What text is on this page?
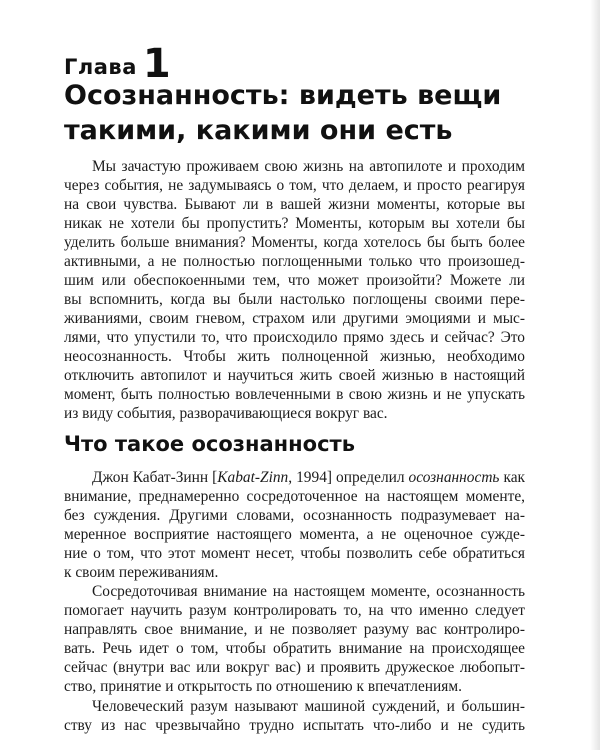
Глава 1
Осознанность: видеть вещи
такими, какими они есть
Мы зачастую проживаем свою жизнь на автопилоте и проходим
через события, не задумываясь о том, что делаем, и просто реагируя
на свои чувства. Бывают ли в вашей жизни моменты, которые вы
никак не хотели бы пропустить? Моменты, которым вы хотели бы
уделить больше внимания? Моменты, когда хотелось бы быть более
активными, а не полностью поглощенными только что произошед-
шим или обеспокоенными тем, что может произойти? Можете ли
вы вспомнить, когда вы были настолько поглощены своими пере-
живаниями, своим гневом, страхом или другими эмоциями и мыс-
лями, что упустили то, что происходило прямо здесь и сейчас? Это
неосознанность. Чтобы жить полноценной жизнью, необходимо
отключить автопилот и научиться жить своей жизнью в настоящий
момент, быть полностью вовлеченными в свою жизнь и не упускать
из виду события, разворачивающиеся вокруг вас.
Что такое осознанность
Джон Кабат-Зинн [Kabat-Zinn, 1994] определил осознанность как
внимание, преднамеренно сосредоточенное на настоящем моменте,
без суждения. Другими словами, осознанность подразумевает на-
меренное восприятие настоящего момента, а не оценочное сужде-
ние о том, что этот момент несет, чтобы позволить себе обратиться
к своим переживаниям.
Сосредоточивая внимание на настоящем моменте, осознанность
помогает научить разум контролировать то, на что именно следует
направлять свое внимание, и не позволяет разуму вас контролиро-
вать. Речь идет о том, чтобы обратить внимание на происходящее
сейчас (внутри вас или вокруг вас) и проявить дружеское любопыт-
ство, принятие и открытость по отношению к впечатлениям.
Человеческий разум называют машиной суждений, и большин-
ству из нас чрезвычайно трудно испытать что-либо и не судить
